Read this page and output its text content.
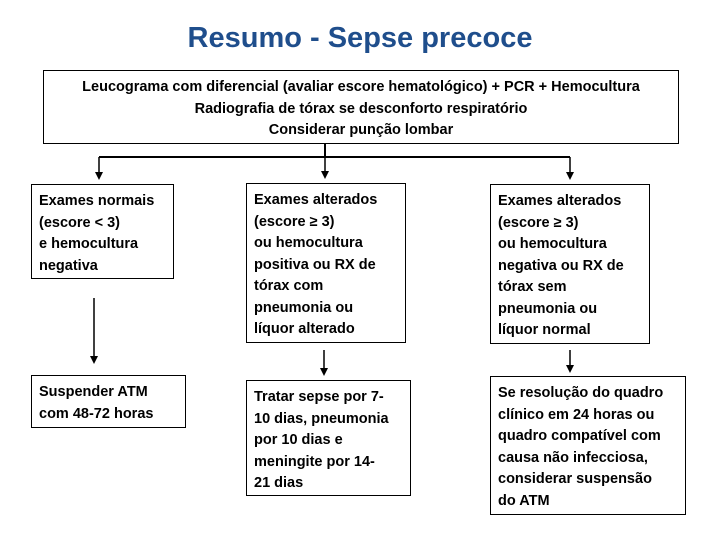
Resumo - Sepse precoce
Leucograma com diferencial (avaliar escore hematológico) + PCR + Hemocultura
Radiografia de tórax se desconforto respiratório
Considerar punção lombar
Exames normais
(escore < 3)
e hemocultura
negativa
Suspender ATM
com 48-72 horas
Exames alterados
(escore ≥ 3)
ou hemocultura
positiva ou RX de
tórax com
pneumonia ou
líquor alterado
Tratar sepse por 7-
10 dias, pneumonia
por 10 dias e
meningite por 14-
21 dias
Exames alterados
(escore ≥ 3)
ou hemocultura
negativa ou RX de
tórax sem
pneumonia ou
líquor normal
Se resolução do quadro
clínico em 24 horas ou
quadro compatível com
causa não infecciosa,
considerar suspensão
do ATM
